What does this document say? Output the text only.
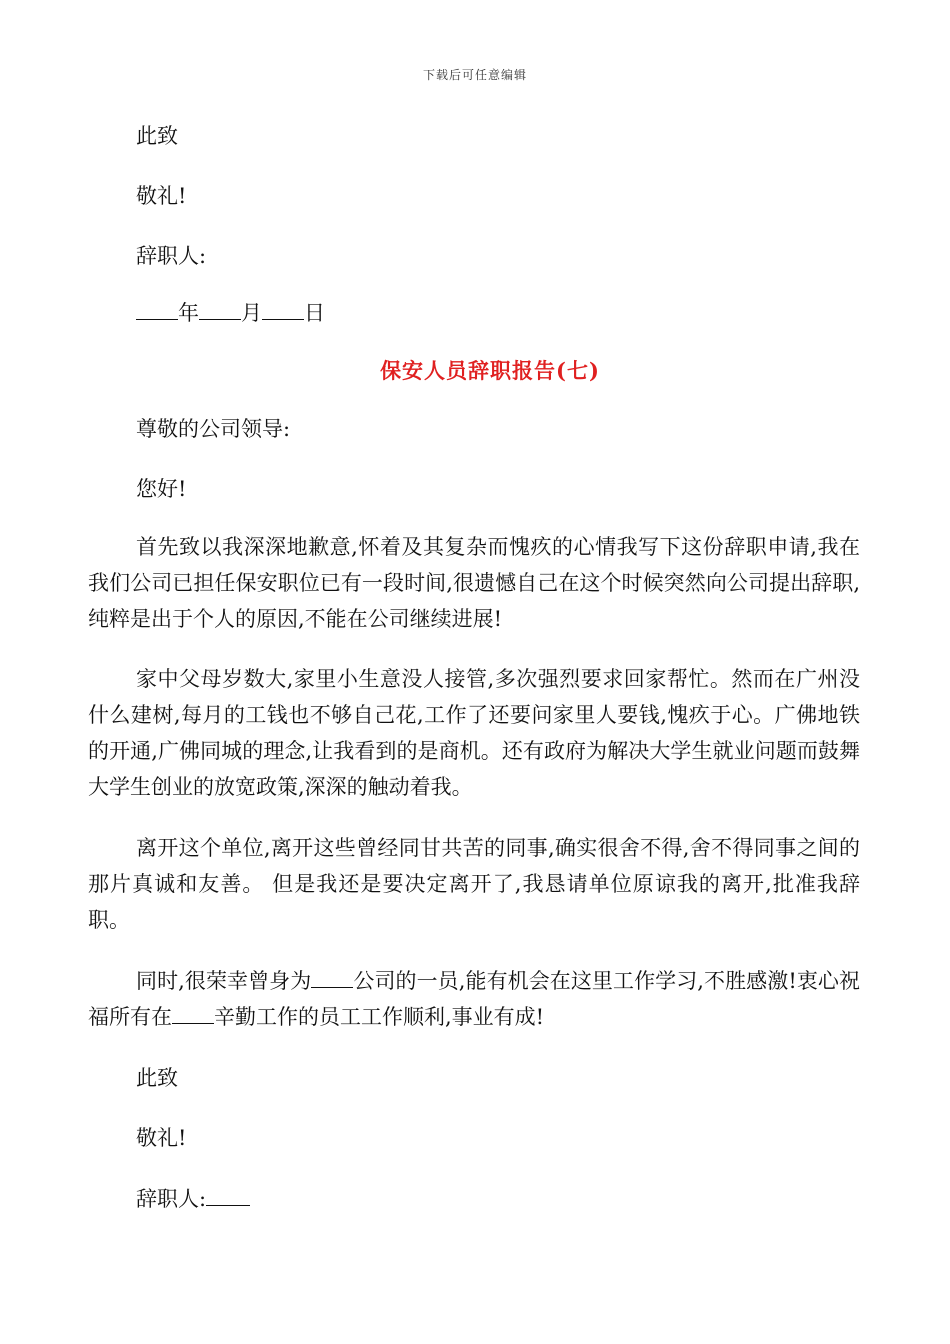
下载后可任意编辑
此致
敬礼!
辞职人:
年 月 日
保安人员辞职报告(七)
尊敬的公司领导:
您好!
首先致以我深深地歉意,怀着及其复杂而愧疚的心情我写下这份辞职申请,我在我们公司已担任保安职位已有一段时间,很遗憾自己在这个时候突然向公司提出辞职,纯粹是出于个人的原因,不能在公司继续进展!
家中父母岁数大,家里小生意没人接管,多次强烈要求回家帮忙。然而在广州没什么建树,每月的工钱也不够自己花,工作了还要问家里人要钱,愧疚于心。广佛地铁的开通,广佛同城的理念,让我看到的是商机。还有政府为解决大学生就业问题而鼓舞大学生创业的放宽政策,深深的触动着我。
离开这个单位,离开这些曾经同甘共苦的同事,确实很舍不得,舍不得同事之间的那片真诚和友善。 但是我还是要决定离开了,我恳请单位原谅我的离开,批准我辞职。
同时,很荣幸曾身为 公司的一员,能有机会在这里工作学习,不胜感激!衷心祝福所有在 辛勤工作的员工工作顺利,事业有成!
此致
敬礼!
辞职人:
